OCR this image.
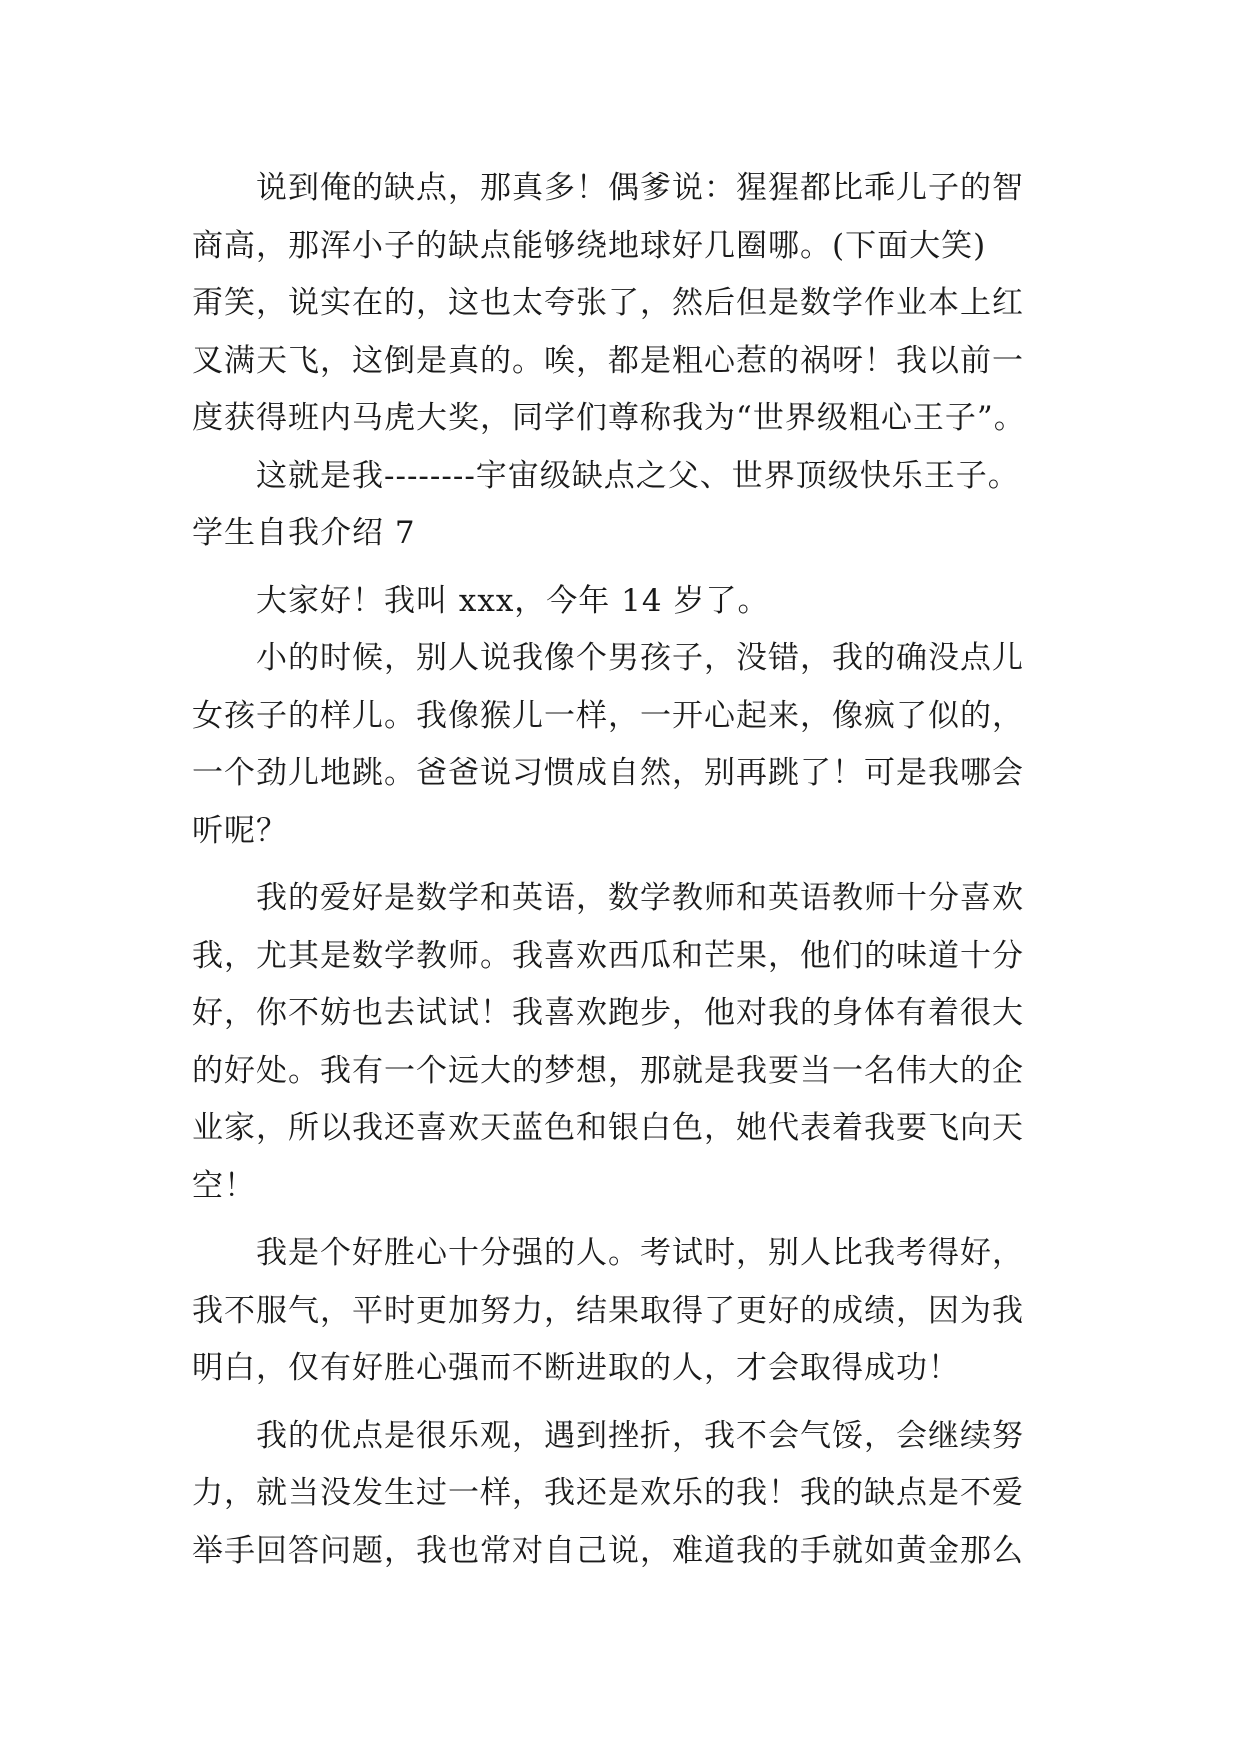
说到俺的缺点，那真多！偶爹说：猩猩都比乖儿子的智
商高，那浑小子的缺点能够绕地球好几圈哪。(下面大笑)
甭笑，说实在的，这也太夸张了，然后但是数学作业本上红
叉满天飞，这倒是真的。唉，都是粗心惹的祸呀！我以前一
度获得班内马虎大奖，同学们尊称我为“世界级粗心王子”。
这就是我--------宇宙级缺点之父、世界顶级快乐王子。
学生自我介绍 7
大家好！我叫 xxx，今年 14 岁了。
小的时候，别人说我像个男孩子，没错，我的确没点儿
女孩子的样儿。我像猴儿一样，一开心起来，像疯了似的，
一个劲儿地跳。爸爸说习惯成自然，别再跳了！可是我哪会
听呢？
我的爱好是数学和英语，数学教师和英语教师十分喜欢
我，尤其是数学教师。我喜欢西瓜和芒果，他们的味道十分
好，你不妨也去试试！我喜欢跑步，他对我的身体有着很大
的好处。我有一个远大的梦想，那就是我要当一名伟大的企
业家，所以我还喜欢天蓝色和银白色，她代表着我要飞向天
空！
我是个好胜心十分强的人。考试时，别人比我考得好，
我不服气，平时更加努力，结果取得了更好的成绩，因为我
明白，仅有好胜心强而不断进取的人，才会取得成功！
我的优点是很乐观，遇到挫折，我不会气馁，会继续努
力，就当没发生过一样，我还是欢乐的我！我的缺点是不爱
举手回答问题，我也常对自己说，难道我的手就如黄金那么
